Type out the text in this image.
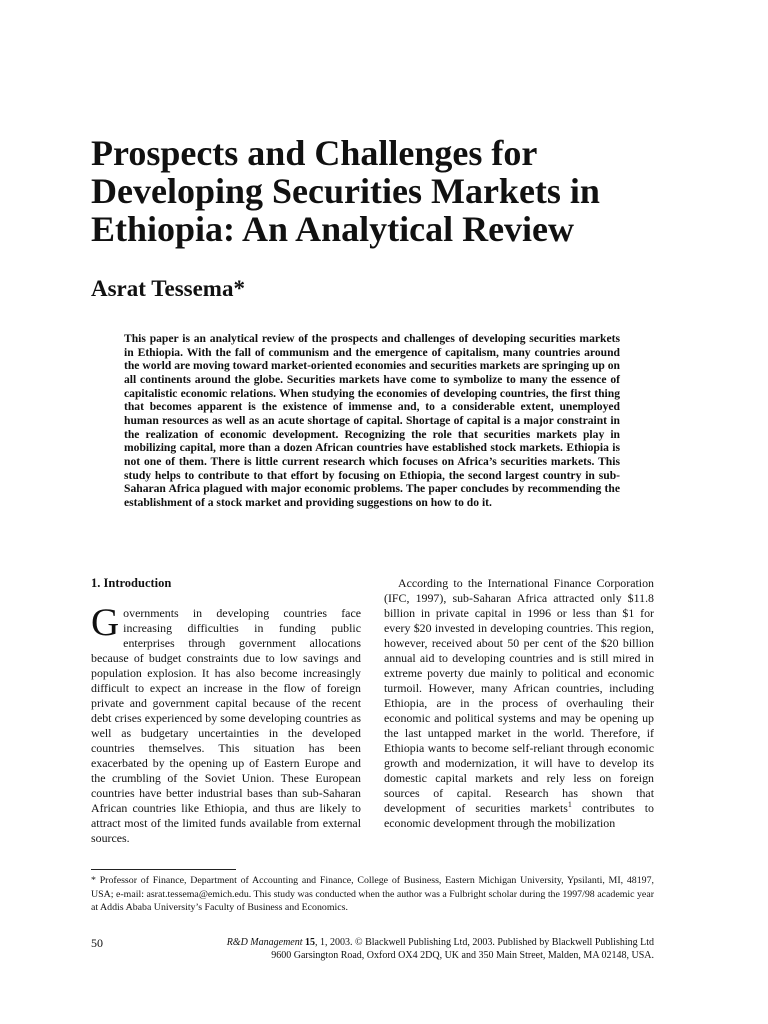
Prospects and Challenges for Developing Securities Markets in Ethiopia: An Analytical Review
Asrat Tessema*

This paper is an analytical review of the prospects and challenges of developing securities markets in Ethiopia. With the fall of communism and the emergence of capitalism, many countries around the world are moving toward market-oriented economies and securities markets are springing up on all continents around the globe. Securities markets have come to symbolize to many the essence of capitalistic economic relations. When studying the economies of developing countries, the first thing that becomes apparent is the existence of immense and, to a considerable extent, unemployed human resources as well as an acute shortage of capital. Shortage of capital is a major constraint in the realization of economic development. Recognizing the role that securities markets play in mobilizing capital, more than a dozen African countries have established stock markets. Ethiopia is not one of them. There is little current research which focuses on Africa’s securities markets. This study helps to contribute to that effort by focusing on Ethiopia, the second largest country in sub-Saharan Africa plagued with major economic problems. The paper concludes by recommending the establishment of a stock market and providing suggestions on how to do it.

1. Introduction

Governments in developing countries face increasing difficulties in funding public enterprises through government allocations because of budget constraints due to low savings and population explosion. It has also become increasingly difficult to expect an increase in the flow of foreign private and government capital because of the recent debt crises experienced by some developing countries as well as budgetary uncertainties in the developed countries themselves. This situation has been exacerbated by the opening up of Eastern Europe and the crumbling of the Soviet Union. These European countries have better industrial bases than sub-Saharan African countries like Ethiopia, and thus are likely to attract most of the limited funds available from external sources.

According to the International Finance Corporation (IFC, 1997), sub-Saharan Africa attracted only $11.8 billion in private capital in 1996 or less than $1 for every $20 invested in developing countries. This region, however, received about 50 per cent of the $20 billion annual aid to developing countries and is still mired in extreme poverty due mainly to political and economic turmoil. However, many African countries, including Ethiopia, are in the process of overhauling their economic and political systems and may be opening up the last untapped market in the world. Therefore, if Ethiopia wants to become self-reliant through economic growth and modernization, it will have to develop its domestic capital markets and rely less on foreign sources of capital. Research has shown that development of securities markets$^1$ contributes to economic development through the mobilization

* Professor of Finance, Department of Accounting and Finance, College of Business, Eastern Michigan University, Ypsilanti, MI, 48197, USA; e-mail: asrat.tessema@emich.edu. This study was conducted when the author was a Fulbright scholar during the 1997/98 academic year at Addis Ababa University’s Faculty of Business and Economics.

50	R&D Management 15, 1, 2003. © Blackwell Publishing Ltd, 2003. Published by Blackwell Publishing Ltd
9600 Garsington Road, Oxford OX4 2DQ, UK and 350 Main Street, Malden, MA 02148, USA.
